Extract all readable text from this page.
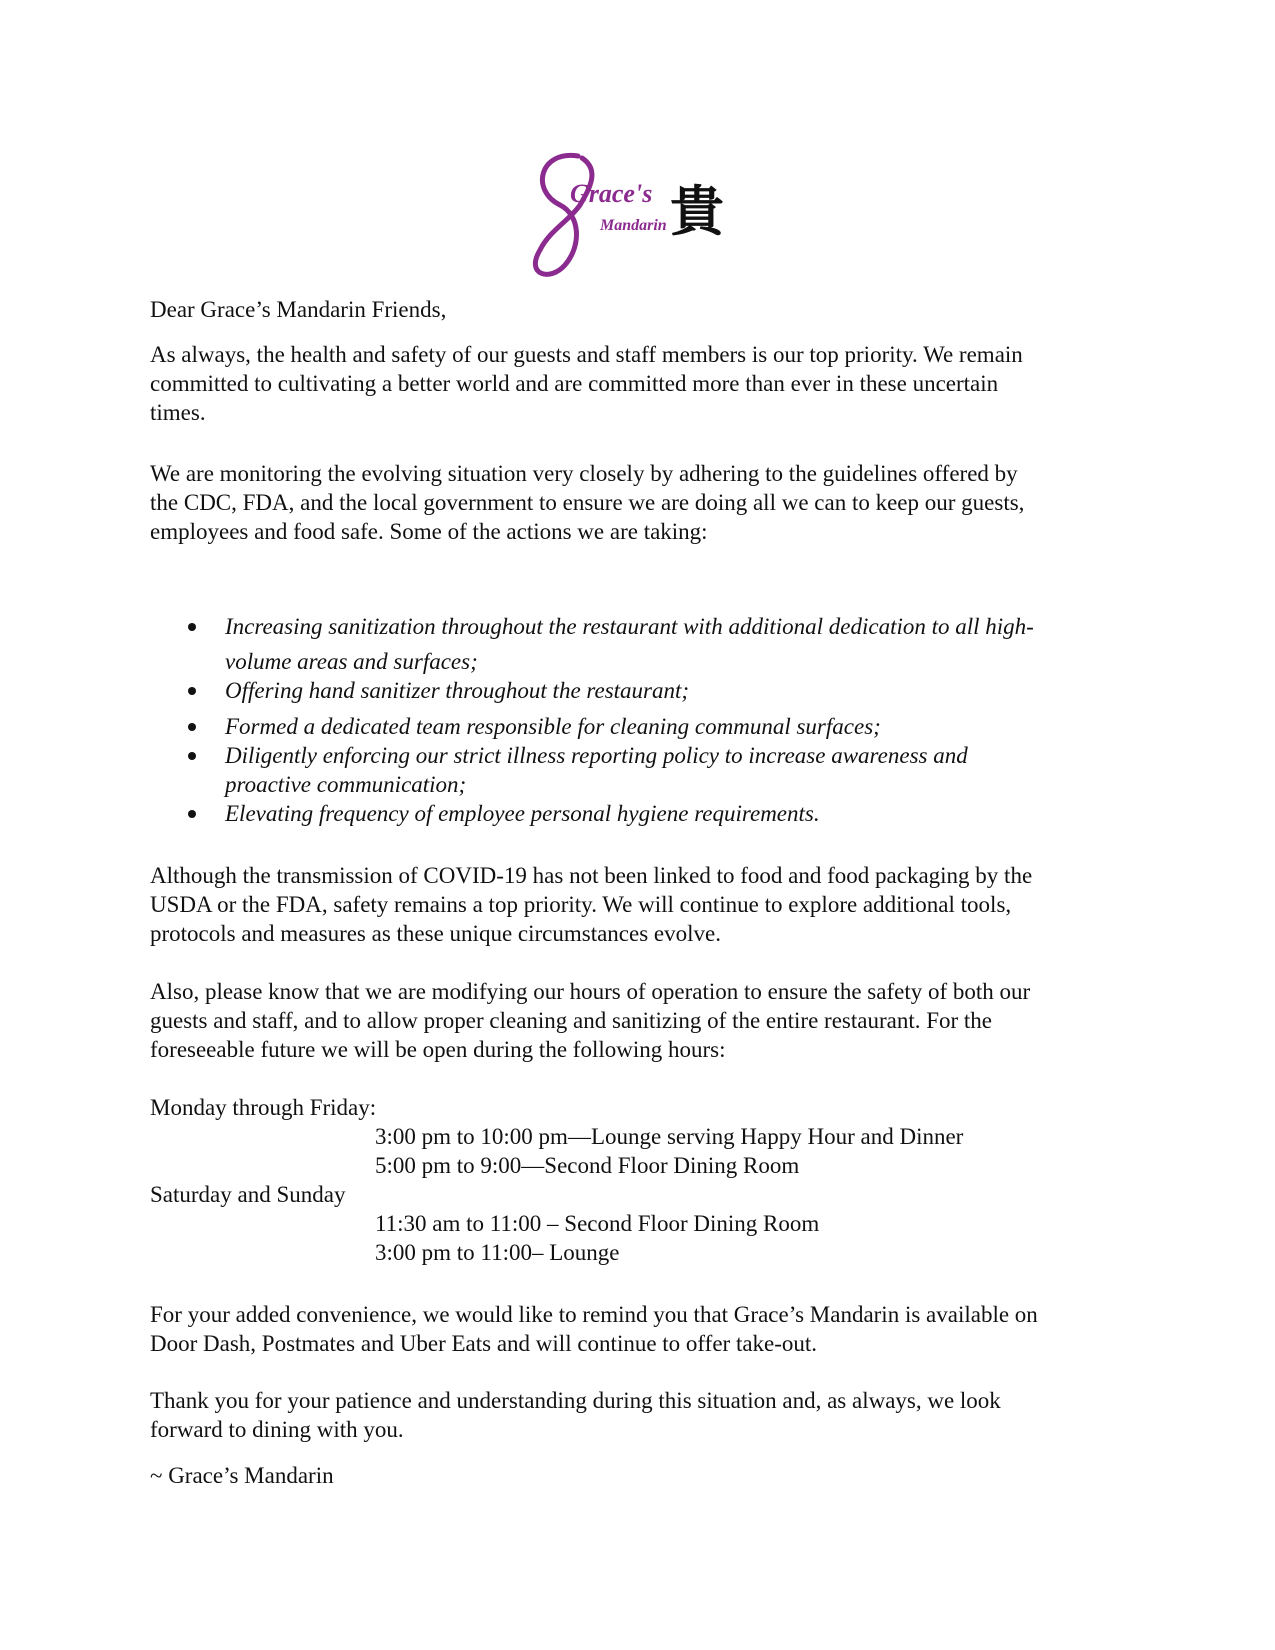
Grace's
Mandarin 貴

Dear Grace’s Mandarin Friends,

As always, the health and safety of our guests and staff members is our top priority. We remain

committed to cultivating a better world and are committed more than ever in these uncertain

times.

We are monitoring the evolving situation very closely by adhering to the guidelines offered by

the CDC, FDA, and the local government to ensure we are doing all we can to keep our guests,

employees and food safe. Some of the actions we are taking:

Increasing sanitization throughout the restaurant with additional dedication to all high-
volume areas and surfaces;
Offering hand sanitizer throughout the restaurant;
Formed a dedicated team responsible for cleaning communal surfaces;
Diligently enforcing our strict illness reporting policy to increase awareness and
proactive communication;
Elevating frequency of employee personal hygiene requirements.

Although the transmission of COVID-19 has not been linked to food and food packaging by the

USDA or the FDA, safety remains a top priority. We will continue to explore additional tools,

protocols and measures as these unique circumstances evolve.

Also, please know that we are modifying our hours of operation to ensure the safety of both our

guests and staff, and to allow proper cleaning and sanitizing of the entire restaurant. For the

foreseeable future we will be open during the following hours:

Monday through Friday:

3:00 pm to 10:00 pm—Lounge serving Happy Hour and Dinner

5:00 pm to 9:00—Second Floor Dining Room

Saturday and Sunday

11:30 am to 11:00 – Second Floor Dining Room

3:00 pm to 11:00– Lounge

For your added convenience, we would like to remind you that Grace’s Mandarin is available on

Door Dash, Postmates and Uber Eats and will continue to offer take-out.

Thank you for your patience and understanding during this situation and, as always, we look

forward to dining with you.

~ Grace’s Mandarin
